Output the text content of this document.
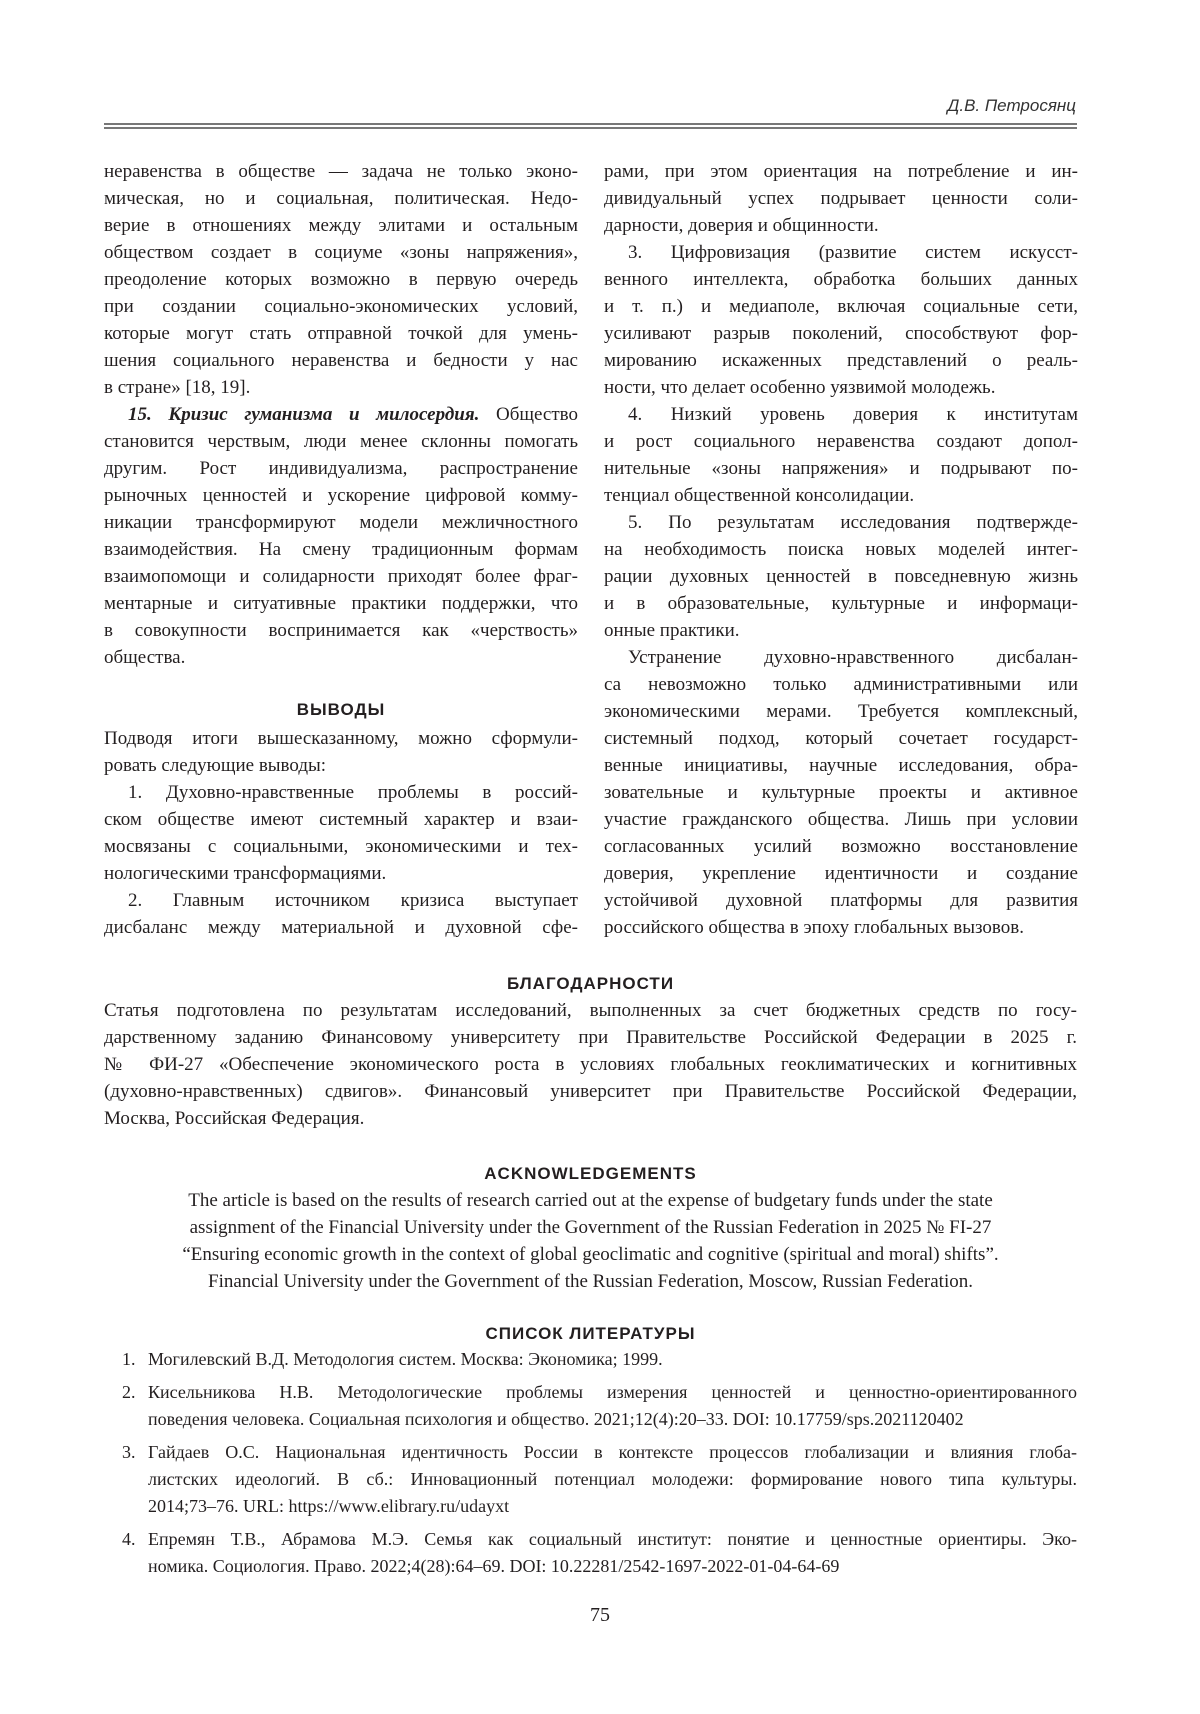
Д.В. Петросянц
неравенства в обществе — задача не только эконо-
мическая, но и социальная, политическая. Недо-
верие в отношениях между элитами и остальным
обществом создает в социуме «зоны напряжения»,
преодоление которых возможно в первую очередь
при создании социально-экономических условий,
которые могут стать отправной точкой для умень-
шения социального неравенства и бедности у нас
в стране» [18, 19].
15. Кризис гуманизма и милосердия. Общество
становится черствым, люди менее склонны помогать
другим. Рост индивидуализма, распространение
рыночных ценностей и ускорение цифровой комму-
никации трансформируют модели межличностного
взаимодействия. На смену традиционным формам
взаимопомощи и солидарности приходят более фраг-
ментарные и ситуативные практики поддержки, что
в совокупности воспринимается как «черствость»
общества.
ВЫВОДЫ
Подводя итоги вышесказанному, можно сформули-
ровать следующие выводы:
1. Духовно-нравственные проблемы в россий-
ском обществе имеют системный характер и взаи-
мосвязаны с социальными, экономическими и тех-
нологическими трансформациями.
2. Главным источником кризиса выступает
дисбаланс между материальной и духовной сфе-
рами, при этом ориентация на потребление и ин-
дивидуальный успех подрывает ценности соли-
дарности, доверия и общинности.
3. Цифровизация (развитие систем искусст-
венного интеллекта, обработка больших данных
и т. п.) и медиаполе, включая социальные сети,
усиливают разрыв поколений, способствуют фор-
мированию искаженных представлений о реаль-
ности, что делает особенно уязвимой молодежь.
4. Низкий уровень доверия к институтам
и рост социального неравенства создают допол-
нительные «зоны напряжения» и подрывают по-
тенциал общественной консолидации.
5. По результатам исследования подтвержде-
на необходимость поиска новых моделей интег-
рации духовных ценностей в повседневную жизнь
и в образовательные, культурные и информаци-
онные практики.
Устранение духовно-нравственного дисбалан-
са невозможно только административными или
экономическими мерами. Требуется комплексный,
системный подход, который сочетает государст-
венные инициативы, научные исследования, обра-
зовательные и культурные проекты и активное
участие гражданского общества. Лишь при условии
согласованных усилий возможно восстановление
доверия, укрепление идентичности и создание
устойчивой духовной платформы для развития
российского общества в эпоху глобальных вызовов.
БЛАГОДАРНОСТИ
Статья подготовлена по результатам исследований, выполненных за счет бюджетных средств по госу-
дарственному заданию Финансовому университету при Правительстве Российской Федерации в 2025 г.
№ ФИ-27 «Обеспечение экономического роста в условиях глобальных геоклиматических и когнитивных
(духовно-нравственных) сдвигов». Финансовый университет при Правительстве Российской Федерации,
Москва, Российская Федерация.
ACKNOWLEDGEMENTS
The article is based on the results of research carried out at the expense of budgetary funds under the state
assignment of the Financial University under the Government of the Russian Federation in 2025 № FI-27
“Ensuring economic growth in the context of global geoclimatic and cognitive (spiritual and moral) shifts”.
Financial University under the Government of the Russian Federation, Moscow, Russian Federation.
СПИСОК ЛИТЕРАТУРЫ
1. Могилевский В.Д. Методология систем. Москва: Экономика; 1999.
2. Кисельникова Н.В. Методологические проблемы измерения ценностей и ценностно-ориентированного
поведения человека. Социальная психология и общество. 2021;12(4):20–33. DOI: 10.17759/sps.2021120402
3. Гайдаев О.С. Национальная идентичность России в контексте процессов глобализации и влияния глоба-
листских идеологий. В сб.: Инновационный потенциал молодежи: формирование нового типа культуры.
2014;73–76. URL: https://www.elibrary.ru/udayxt
4. Епремян Т.В., Абрамова М.Э. Семья как социальный институт: понятие и ценностные ориентиры. Эко-
номика. Социология. Право. 2022;4(28):64–69. DOI: 10.22281/2542-1697-2022-01-04-64-69
75
